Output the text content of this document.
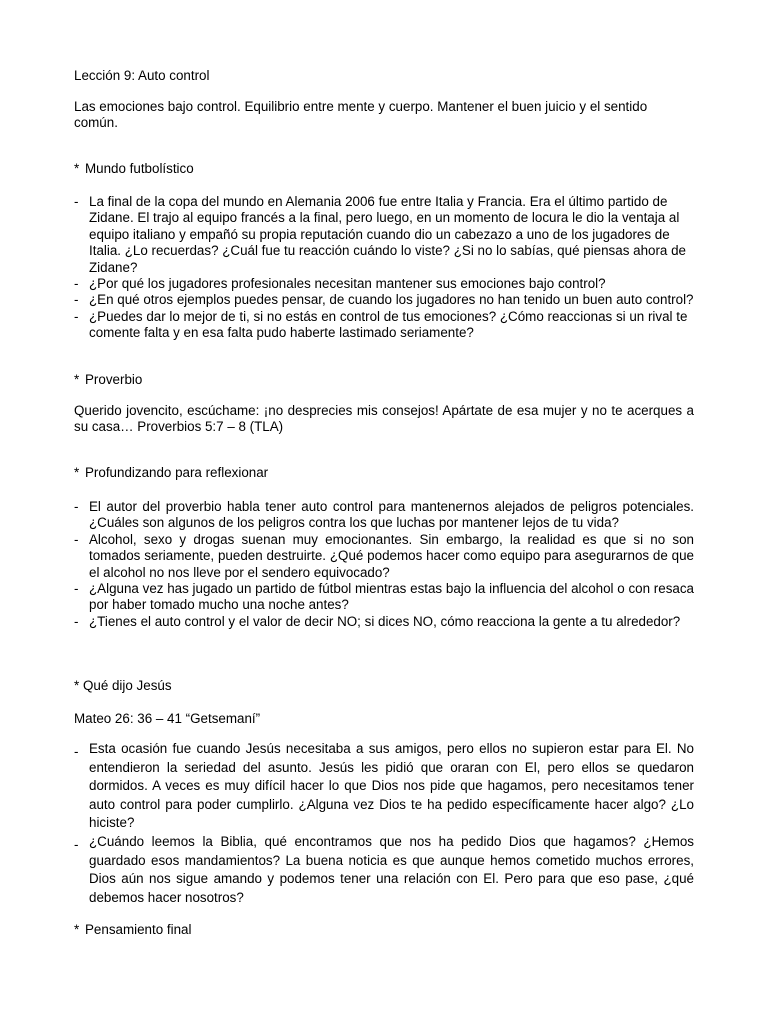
Lección 9: Auto control
Las emociones bajo control. Equilibrio entre mente y cuerpo. Mantener el buen juicio y el sentido común.
* Mundo futbolístico
- La final de la copa del mundo en Alemania 2006 fue entre Italia y Francia. Era el último partido de Zidane. El trajo al equipo francés a la final, pero luego, en un momento de locura le dio la ventaja al equipo italiano y empañó su propia reputación cuando dio un cabezazo a uno de los jugadores de Italia. ¿Lo recuerdas? ¿Cuál fue tu reacción cuándo lo viste? ¿Si no lo sabías, qué piensas ahora de Zidane?
- ¿Por qué los jugadores profesionales necesitan mantener sus emociones bajo control?
- ¿En qué otros ejemplos puedes pensar, de cuando los jugadores no han tenido un buen auto control?
- ¿Puedes dar lo mejor de ti, si no estás en control de tus emociones? ¿Cómo reaccionas si un rival te comente falta y en esa falta pudo haberte lastimado seriamente?
* Proverbio
Querido jovencito, escúchame: ¡no desprecies mis consejos! Apártate de esa mujer y no te acerques a su casa… Proverbios 5:7 – 8 (TLA)
* Profundizando para reflexionar
- El autor del proverbio habla tener auto control para mantenernos alejados de peligros potenciales. ¿Cuáles son algunos de los peligros contra los que luchas por mantener lejos de tu vida?
- Alcohol, sexo y drogas suenan muy emocionantes. Sin embargo, la realidad es que si no son tomados seriamente, pueden destruirte. ¿Qué podemos hacer como equipo para asegurarnos de que el alcohol no nos lleve por el sendero equivocado?
- ¿Alguna vez has jugado un partido de fútbol mientras estas bajo la influencia del alcohol o con resaca por haber tomado mucho una noche antes?
- ¿Tienes el auto control y el valor de decir NO; si dices NO, cómo reacciona la gente a tu alrededor?
* Qué dijo Jesús
Mateo 26: 36 – 41 “Getsemaní”
- Esta ocasión fue cuando Jesús necesitaba a sus amigos, pero ellos no supieron estar para El. No entendieron la seriedad del asunto. Jesús les pidió que oraran con El, pero ellos se quedaron dormidos. A veces es muy difícil hacer lo que Dios nos pide que hagamos, pero necesitamos tener auto control para poder cumplirlo. ¿Alguna vez Dios te ha pedido específicamente hacer algo? ¿Lo hiciste?
- ¿Cuándo leemos la Biblia, qué encontramos que nos ha pedido Dios que hagamos? ¿Hemos guardado esos mandamientos? La buena noticia es que aunque hemos cometido muchos errores, Dios aún nos sigue amando y podemos tener una relación con El. Pero para que eso pase, ¿qué debemos hacer nosotros?
* Pensamiento final
